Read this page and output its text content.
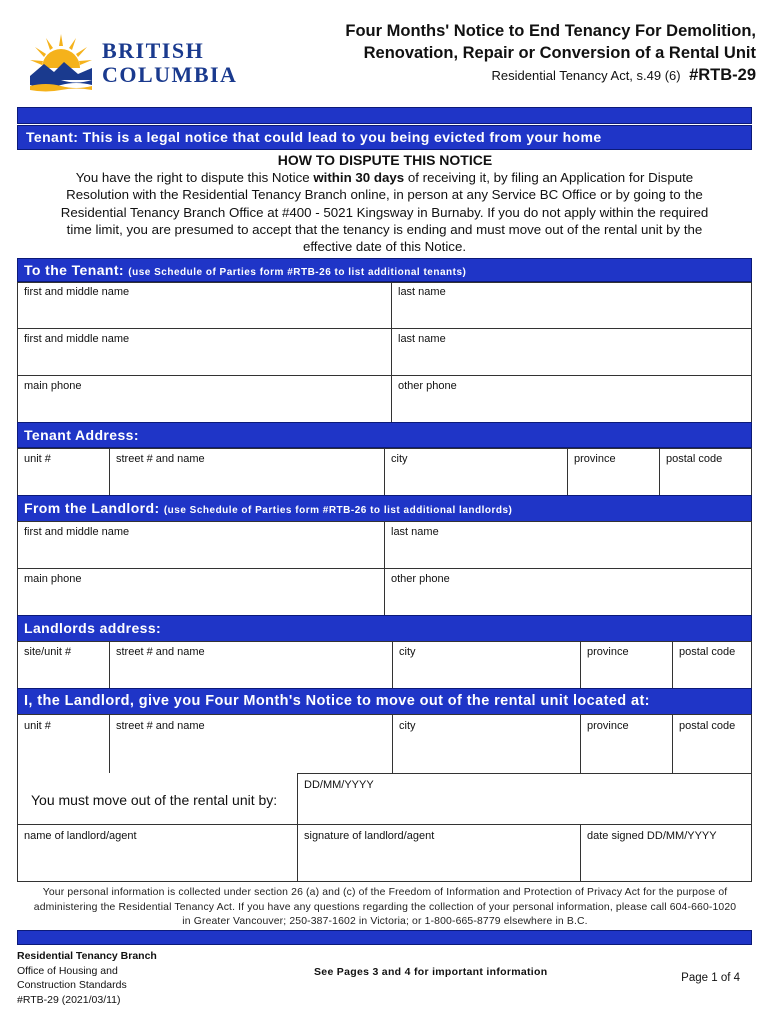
BRITISH
COLUMBIA
Four Months' Notice to End Tenancy For Demolition,
Renovation, Repair or Conversion of a Rental Unit
Residential Tenancy Act, s.49 (6) #RTB-29
Tenant: This is a legal notice that could lead to you being evicted from your home
HOW TO DISPUTE THIS NOTICE
You have the right to dispute this Notice within 30 days of receiving it, by filing an Application for Dispute
Resolution with the Residential Tenancy Branch online, in person at any Service BC Office or by going to the
Residential Tenancy Branch Office at #400 - 5021 Kingsway in Burnaby. If you do not apply within the required
time limit, you are presumed to accept that the tenancy is ending and must move out of the rental unit by the
effective date of this Notice.
To the Tenant: (use Schedule of Parties form #RTB-26 to list additional tenants)
first and middle name	last name
first and middle name	last name
main phone	other phone
Tenant Address:
unit #	street # and name	city	province	postal code
From the Landlord: (use Schedule of Parties form #RTB-26 to list additional landlords)
first and middle name	last name
main phone	other phone
Landlords address:
site/unit #	street # and name	city	province	postal code
I, the Landlord, give you Four Month's Notice to move out of the rental unit located at:
unit #	street # and name	city	province	postal code
You must move out of the rental unit by:
DD/MM/YYYY
name of landlord/agent	signature of landlord/agent	date signed DD/MM/YYYY
Your personal information is collected under section 26 (a) and (c) of the Freedom of Information and Protection of Privacy Act for the purpose of
administering the Residential Tenancy Act. If you have any questions regarding the collection of your personal information, please call 604-660-1020
in Greater Vancouver; 250-387-1602 in Victoria; or 1-800-665-8779 elsewhere in B.C.
Residential Tenancy Branch
Office of Housing and
Construction Standards
#RTB-29 (2021/03/11)
See Pages 3 and 4 for important information	Page 1 of 4
